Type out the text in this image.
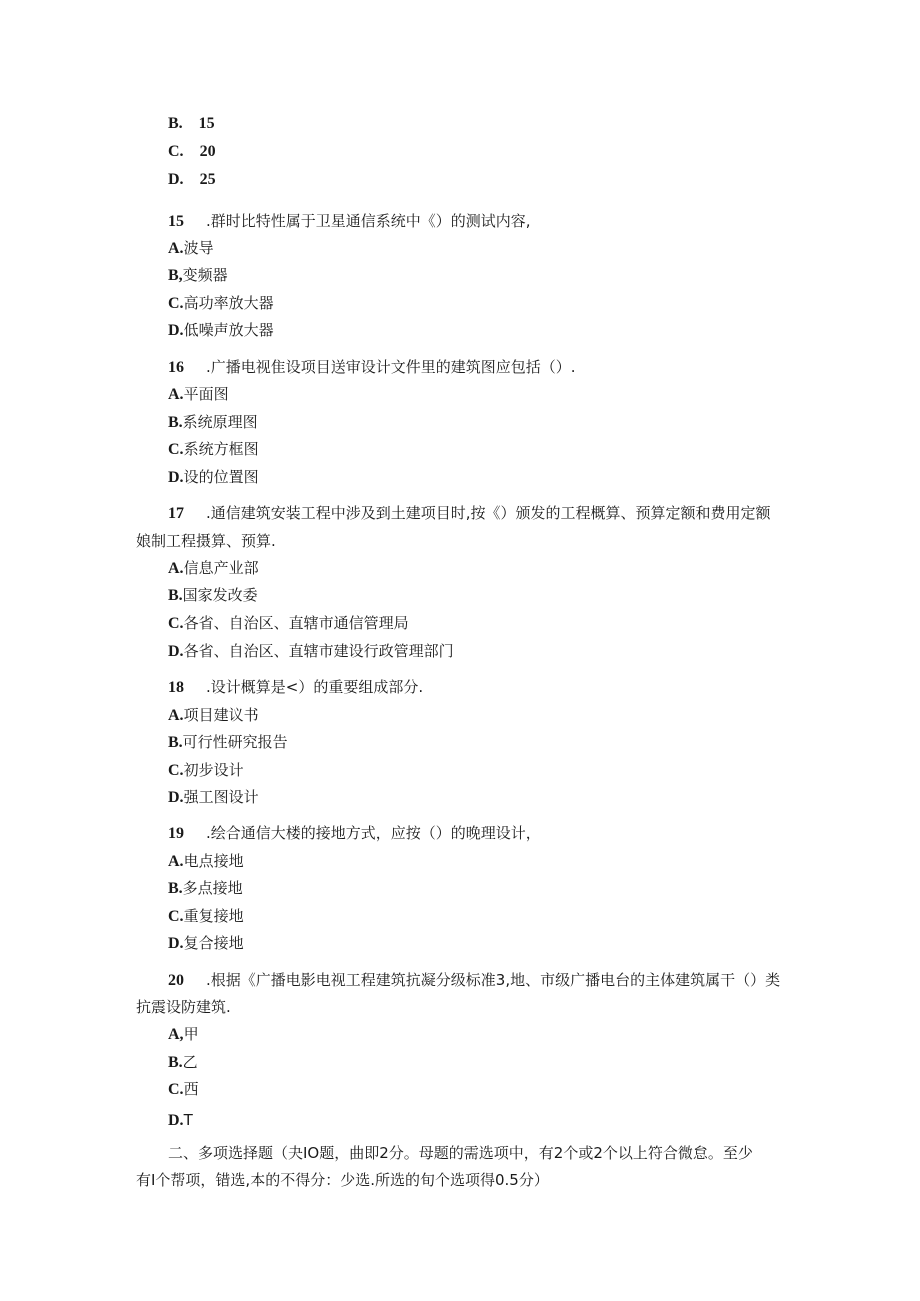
B. 15
C. 20
D. 25
15 .群时比特性属于卫星通信系统中《）的测试内容,
A.波导
B,变频器
C.高功率放大器
D.低噪声放大器
16 .广播电视隹设项目送审设计文件里的建筑图应包括（）.
A.平面图
B.系统原理图
C.系统方框图
D.设的位置图
17 .通信建筑安装工程中涉及到土建项目时,按《）颁发的工程概算、预算定额和费用定额
娘制工程摄算、预算.
A.信息产业部
B.国家发改委
C.各省、自治区、直辖市通信管理局
D.各省、自治区、直辖市建设行政管理部门
18 .设计概算是<）的重要组成部分.
A.项目建议书
B.可行性研究报告
C.初步设计
D.强工图设计
19 .绘合通信大楼的接地方式，应按（）的晚理设计，
A.电点接地
B.多点接地
C.重复接地
D.复合接地
20 .根据《广播电影电视工程建筑抗凝分级标准3,地、市级广播电台的主体建筑属干（）类
抗震设防建筑.
A,甲
B.乙
C.西
D.T
二、多项选择题（夬IO题，曲即2分。母题的需选项中，有2个或2个以上符合微怠。至少
有I个帮项，错选,本的不得分：少选.所选的旬个选项得0.5分）
